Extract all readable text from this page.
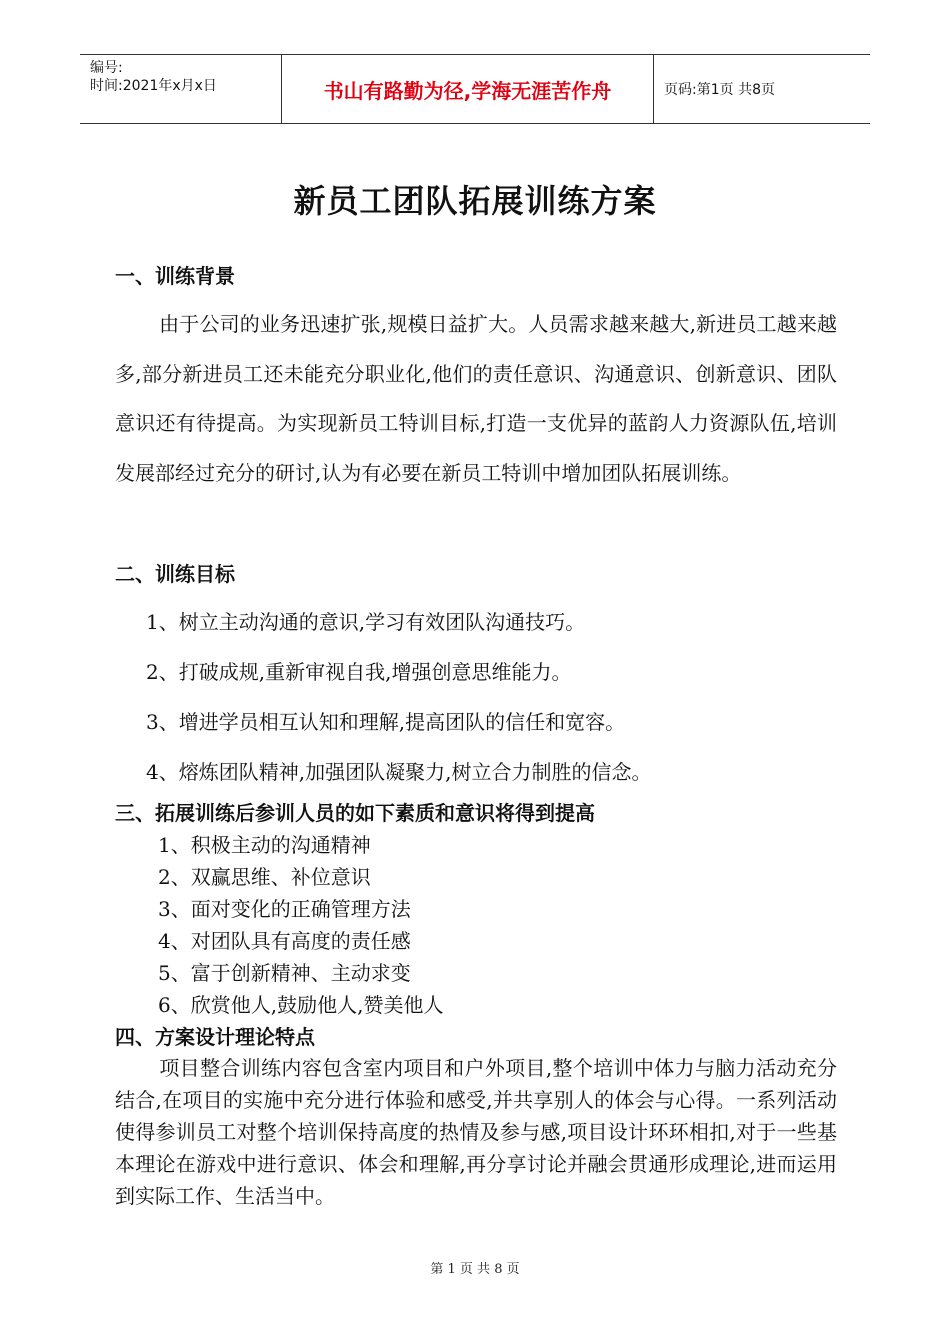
编号:
时间:2021年x月x日	书山有路勤为径,学海无涯苦作舟	页码:第1页 共8页
新员工团队拓展训练方案
一、训练背景

由于公司的业务迅速扩张,规模日益扩大。人员需求越来越大,新进员工越来越多,部分新进员工还未能充分职业化,他们的责任意识、沟通意识、创新意识、团队意识还有待提高。为实现新员工特训目标,打造一支优异的蓝韵人力资源队伍,培训发展部经过充分的研讨,认为有必要在新员工特训中增加团队拓展训练。

二、训练目标
1、树立主动沟通的意识,学习有效团队沟通技巧。
2、打破成规,重新审视自我,增强创意思维能力。
3、增进学员相互认知和理解,提高团队的信任和宽容。
4、熔炼团队精神,加强团队凝聚力,树立合力制胜的信念。
三、拓展训练后参训人员的如下素质和意识将得到提高
1、积极主动的沟通精神
2、双赢思维、补位意识
3、面对变化的正确管理方法
4、对团队具有高度的责任感
5、富于创新精神、主动求变
6、欣赏他人,鼓励他人,赞美他人
四、方案设计理论特点

项目整合训练内容包含室内项目和户外项目,整个培训中体力与脑力活动充分结合,在项目的实施中充分进行体验和感受,并共享别人的体会与心得。一系列活动使得参训员工对整个培训保持高度的热情及参与感,项目设计环环相扣,对于一些基本理论在游戏中进行意识、体会和理解,再分享讨论并融会贯通形成理论,进而运用到实际工作、生活当中。

第 1 页 共 8 页
